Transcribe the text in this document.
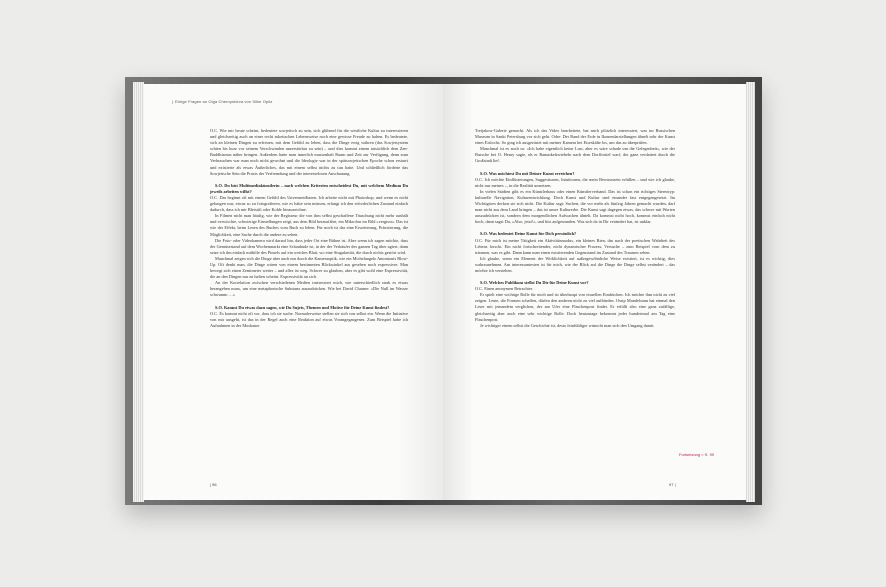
| Einige Fragen an Olga Chernysheva von Silke Opitz

O.C. Wie mir heute scheint, bedeutete sowjetisch zu sein, sich glühend für die westliche Kultur zu interessieren und gleichzeitig auch an einer recht asketischen Lebensweise noch eine gewisse Freude zu haben. Es bedeutete, sich an kleinen Dingen zu erfreuen, mit dem Gefühl zu leben, dass die Dinge ewig währen (das Sowjetsystem schien bis kurz vor seinem Verschwinden unzerstörbar zu sein) – und dies kommt einem tatsächlich dem Zen-Buddhismus näher bringen. Außerdem hatte man innerlich massenhaft Raum und Zeit zur Verfügung, denn zum Verbrauchen war man noch nicht gewohnt und die Ideologie war in der spätsowjetischen Epoche schon erstarrt und existierte als etwas Äußerliches, das mit einem selbst nichts zu tun hatte. Und schließlich förderte das Sowjetische Sein die Praxis der Verfremdung und der interesselosen Anschauung.

S.O. Du bist Multimediakünstlerin – nach welchen Kriterien entscheidest Du, mit welchem Medium Du jeweils arbeiten willst?

O.C. Das beginnt oft mit einem Gefühl des Unvermeidbaren. Ich arbeite nicht mit Photoshop, und wenn es nicht gelungen war, etwas so zu fotografieren, wie es hätte sein müssen, erlangt ich den erforderlichen Zustand einfach dadurch, dass ich mir Bleistift oder Kohle hinzuzeichne.

In Filmen nicht man häufig, wie der Regisseur die von ihm selbst geschaffene Täuschung nicht mehr aushält und verwischte, schwierige Einstellungen zeigt, aus dem Bild herausfährt, ein Mikrofon im Bild »vergisst«. Das ist wie der Effekt, beim Lesen des Buches vom Buch zu leben. Für mich ist das eine Erweiterung, Präzisierung, die Möglichkeit, eine Sache durch die andere zu sehen.

Die Foto- oder Videokamera wird darauf hin, dass jeder Ort eine Bühne ist. Aber wenn ich sagen möchte, dass der Gemüsestand auf dem Wochenmarkt eine Schaubude ist, in der der Verkäufer des ganzen Tag über agiert, dann setze ich ihn einfach mithilfe des Pinsels auf ein weiches Blatt, wo eine Singularität, die durch nichts gestört wird.

Manchmal zeigen sich die Dinge aber auch nur durch die Kameraoptik, wie ein Michelangelo Antonionis Blow-Up. Oft denkt man, die Dinge wären von einem bestimmten Blickwinkel aus gesehen noch expressiver. Man bewegt sich einen Zentimeter weiter – und alles ist weg. Schwer zu glauben, aber es gibt wohl eine Expressivität, die an den Dingen nur zu halten scheint. Expressivität an sich.

An der Korrelation zwischen verschiedenen Medien interessiert mich, wie unterschiedlich stark es etwas herangehen muss, um eine metaphorische Substanz auszudrücken. Wie bei David Charme: »Die Null im Wasser schwamm …«

S.O. Kannst Du etwas dazu sagen, wie Du Sujets, Themen und Motive für Deine Kunst findest?

O.C. Es kommt nicht oft vor, dass ich sie suche. Normalerweise stellen sie sich von selbst ein. Wenn die Initiative von mir ausgeht, ist das in der Regel auch eine Reaktion auf etwas Vorangegangenes. Zum Beispiel habe ich Aufnahmen in der Moskauer

| 96

Tretjakow-Galerie gemacht. Als ich das Video bearbeitete, hat mich plötzlich interessiert, was im Russischen Museum in Sankt Petersburg vor sich geht. Oder: Der Rand der Erde in Ikonendarstellungen ähnelt sehr der Kunst eines Eislochs. So ging ich ausgerüstet mit meiner Kamera bei Eiseskälte los, um das zu überprüfen.

Manchmal ist es auch so: »Ich habe eigentlich keine Lust, aber es wäre schade um die Gelegenheit«, wie der Bursche bei O. Henry sagte, als er Ranunkelzwiebeln nach dem Dorffrottel warf, der ganz verdattert durch die Großstadt lief.

S.O. Was möchtest Du mit Deiner Kunst erreichen?

O.C. Ich möchte Einflüsterungen, Suggestionen, Intuitionen, die mein Bewusstsein erfüllen – und wie ich glaube, nicht nur meines –, in die Realität umsetzen.

In vielen Städten gibt es ein Künstlerhaus oder einen Künstlerverband. Das ist schon ein richtiges Stereotyp: kulturelle Navigation, Kulturentwicklung. Doch Kunst und Kultur sind einander fast entgegengesetzt. Im Wichtigsten decken sie sich nicht. Die Kultur sagt: Suchen, die vor mehr als fünfzig Jahren gemacht wurden, darf man nicht aus dem Land bringen – das ist unser Kulturerbe. Die Kunst sagt dagegen etwas, das schwer mit Worten auszudrücken ist, sondern dem morgendlichen Aufwachen ähnelt. Da kommst nicht hoch, kommst einfach nicht hoch, dann sagst Du, »Also, jetzt!«, und bist aufgestanden. Was sich da in Dir verändert hat, ist unklar.

S.O. Was bedeutet Deine Kunst für Dich persönlich?

O.C. Für mich ist meine Tätigkeit ein Aktivitätsmodus, ein kleines Rien, das nach der poetischen Wahrheit des Lebens forscht. Ein nicht fortschreitender, nicht dynamischer Prozess, Versuche – zum Beispiel vom dem zu träumen, was es gibt. Dann kann man einen existierenden Gegenstand im Zustand des Traumes sehen.

Ich glaube, wenn ein Element der Wirklichkeit auf außergewöhnliche Weise existiert, ist es wichtig, dies wahrzunehmen. Am interessantesten ist für mich, wie der Blick auf die Dinge die Dinge selbst verändert – das möchte ich verstehen.

S.O. Welches Publikum stellst Du Dir für Deine Kunst vor?

O.C. Einen anonymen Betrachter.

Er spielt eine wichtige Rolle für mich und ist überhaupt von visuellen Eindrücken. Ich möchte ihm nicht zu viel zeigen. Leute, die Formen schaffen, dürfen den anderen nicht zu viel aufbürden. Ossip Mandelstam hat einmal den Leser mit jemandem verglichen, der am Ufer eine Flaschenpost findet. Er erfüllt also eine ganz zufällige, gleichzeitig aber auch eine sehr wichtige Rolle. Doch heutzutage bekommt jeder hundertmal am Tag eine Flaschenpost.

Je wichtiger einem selbst die Geschichte ist, desto feinfühliger wünscht man sich den Umgang damit.

Fortsetzung > S. 99
97 |
